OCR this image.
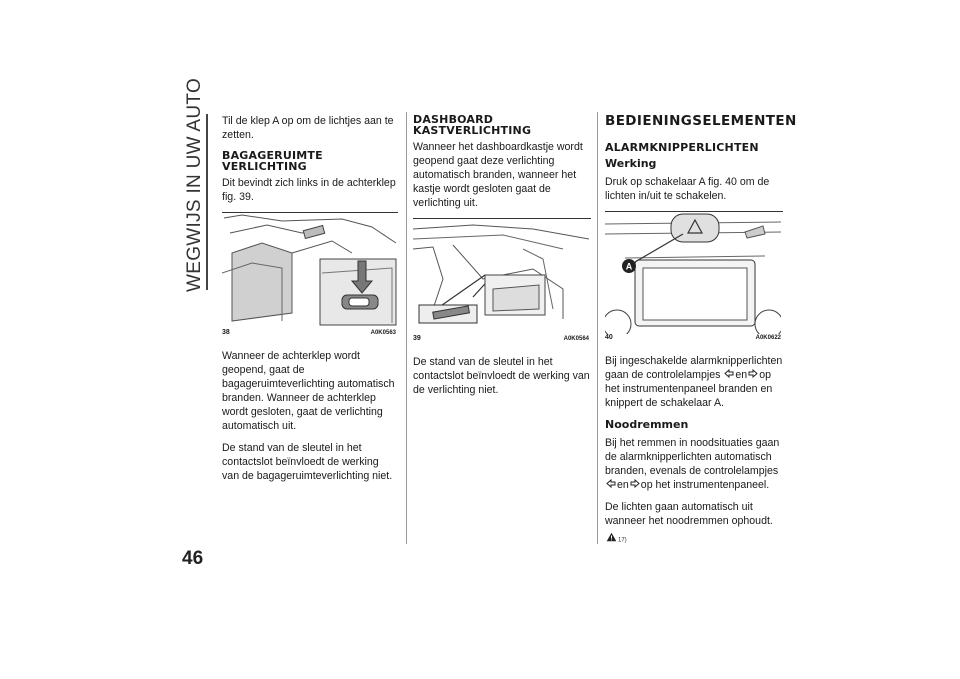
WEGWIJS IN UW AUTO
46

Til de klep A op om de lichtjes aan te zetten.

BAGAGERUIMTE VERLICHTING

Dit bevindt zich links in de achterklep fig. 39.

38	A0K0563

Wanneer de achterklep wordt geopend, gaat de bagageruimteverlichting automatisch branden. Wanneer de achterklep wordt gesloten, gaat de verlichting automatisch uit.

De stand van de sleutel in het contactslot beïnvloedt de werking van de bagageruimteverlichting niet.

DASHBOARD KASTVERLICHTING

Wanneer het dashboardkastje wordt geopend gaat deze verlichting automatisch branden, wanneer het kastje wordt gesloten gaat de verlichting uit.

39	A0K0564

De stand van de sleutel in het contactslot beïnvloedt de werking van de verlichting niet.

BEDIENINGSELEMENTEN
ALARMKNIPPERLICHTEN
Werking

Druk op schakelaar A fig. 40 om de lichten in/uit te schakelen.

A
40	A0K0622

Bij ingeschakelde alarmknipperlichten gaan de controlelampjes en op het instrumentenpaneel branden en knippert de schakelaar A.

Noodremmen

Bij het remmen in noodsituaties gaan de alarmknipperlichten automatisch branden, evenals de controlelampjes
en op het instrumentenpaneel.

De lichten gaan automatisch uit wanneer het noodremmen ophoudt.

17)
